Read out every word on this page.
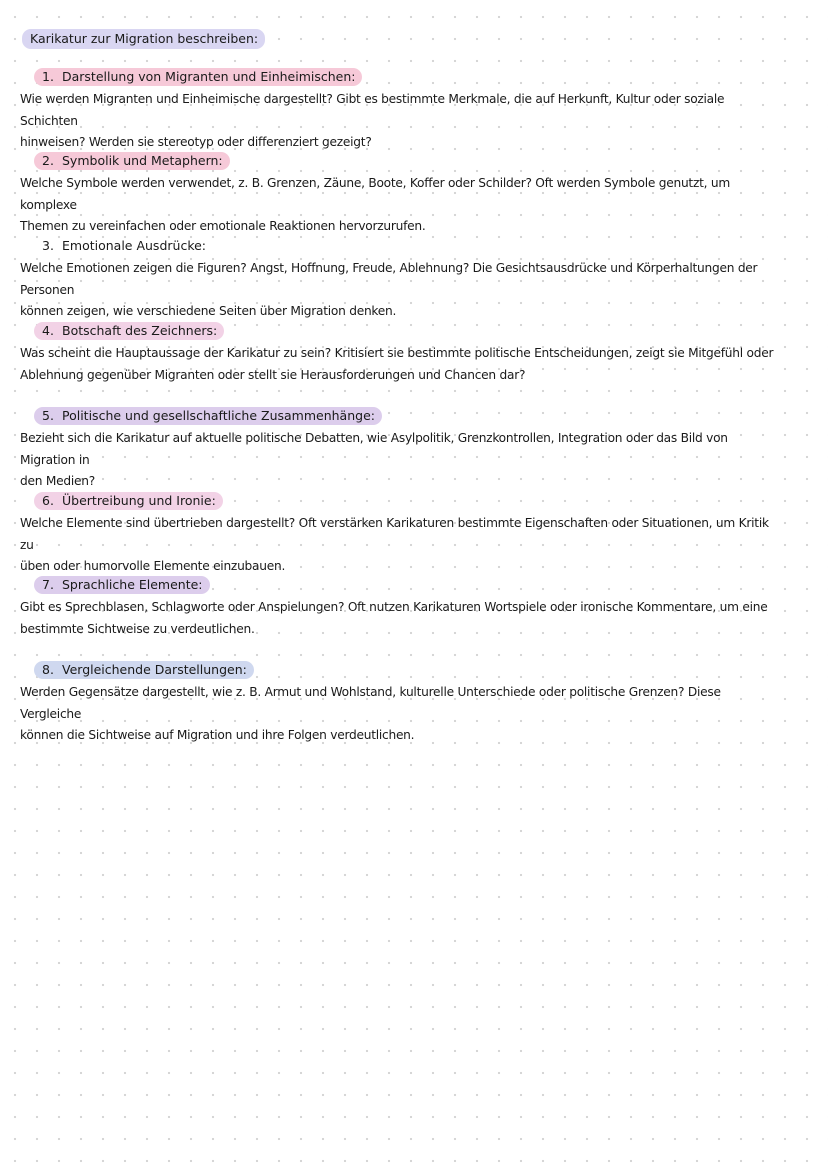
Karikatur zur Migration beschreiben:
1. Darstellung von Migranten und Einheimischen:
Wie werden Migranten und Einheimische dargestellt? Gibt es bestimmte Merkmale, die auf Herkunft, Kultur oder soziale Schichten
hinweisen? Werden sie stereotyp oder differenziert gezeigt?
2. Symbolik und Metaphern:
Welche Symbole werden verwendet, z. B. Grenzen, Zäune, Boote, Koffer oder Schilder? Oft werden Symbole genutzt, um komplexe
Themen zu vereinfachen oder emotionale Reaktionen hervorzurufen.
3. Emotionale Ausdrücke:
Welche Emotionen zeigen die Figuren? Angst, Hoffnung, Freude, Ablehnung? Die Gesichtsausdrücke und Körperhaltungen der Personen
können zeigen, wie verschiedene Seiten über Migration denken.
4. Botschaft des Zeichners:
Was scheint die Hauptaussage der Karikatur zu sein? Kritisiert sie bestimmte politische Entscheidungen, zeigt sie Mitgefühl oder
Ablehnung gegenüber Migranten oder stellt sie Herausforderungen und Chancen dar?
5. Politische und gesellschaftliche Zusammenhänge:
Bezieht sich die Karikatur auf aktuelle politische Debatten, wie Asylpolitik, Grenzkontrollen, Integration oder das Bild von Migration in
den Medien?
6. Übertreibung und Ironie:
Welche Elemente sind übertrieben dargestellt? Oft verstärken Karikaturen bestimmte Eigenschaften oder Situationen, um Kritik zu
üben oder humorvolle Elemente einzubauen.
7. Sprachliche Elemente:
Gibt es Sprechblasen, Schlagworte oder Anspielungen? Oft nutzen Karikaturen Wortspiele oder ironische Kommentare, um eine
bestimmte Sichtweise zu verdeutlichen.
8. Vergleichende Darstellungen:
Werden Gegensätze dargestellt, wie z. B. Armut und Wohlstand, kulturelle Unterschiede oder politische Grenzen? Diese Vergleiche
können die Sichtweise auf Migration und ihre Folgen verdeutlichen.
